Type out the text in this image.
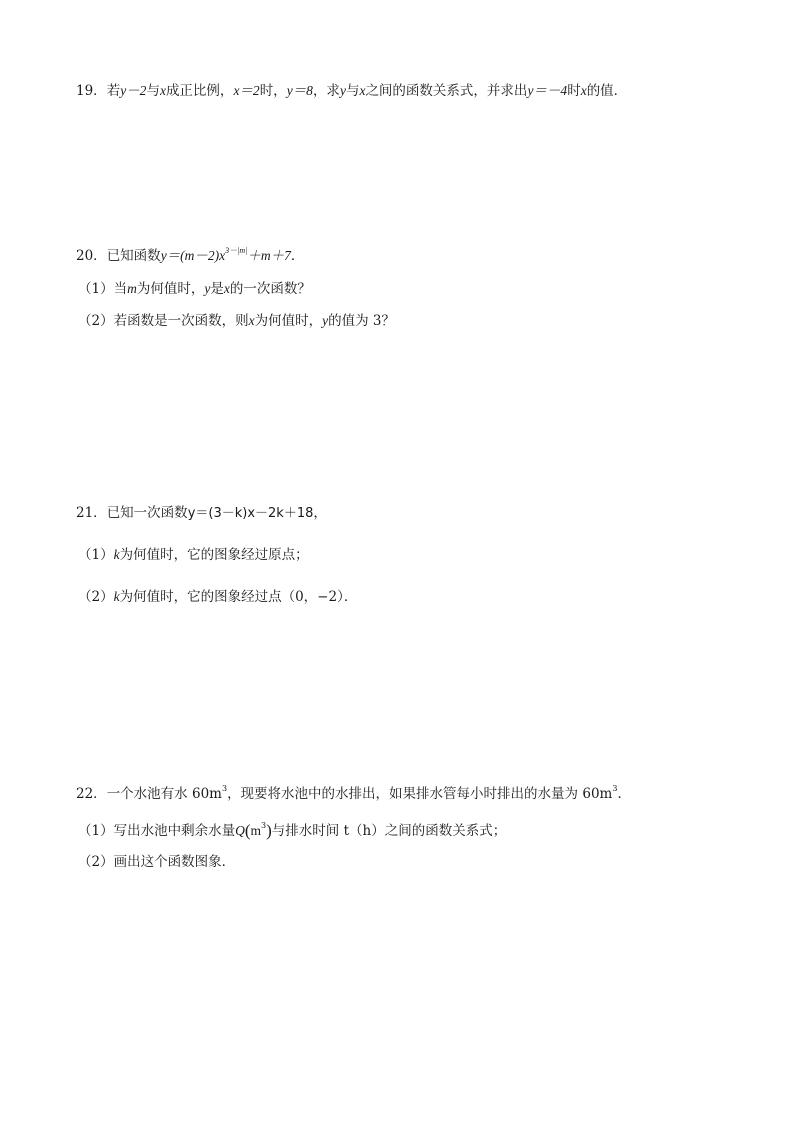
19．若y－2与x成正比例，x＝2时，y＝8，求y与x之间的函数关系式，并求出y＝－4时x的值．
20．已知函数$y=(m-2)x^{3-|m|}+m+7$．
（1）当m为何值时，y是x的一次函数？
（2）若函数是一次函数，则x为何值时，y的值为 3？
21．已知一次函数y＝(3－k)x－2k＋18，
（1）k为何值时，它的图象经过原点；
（2）k为何值时，它的图象经过点（0，−2）．
22．一个水池有水 $60m^3$，现要将水池中的水排出，如果排水管每小时排出的水量为 $60m^3$．
（1）写出水池中剩余水量$Q(m^3)$与排水时间 t（h）之间的函数关系式；
（2）画出这个函数图象．
